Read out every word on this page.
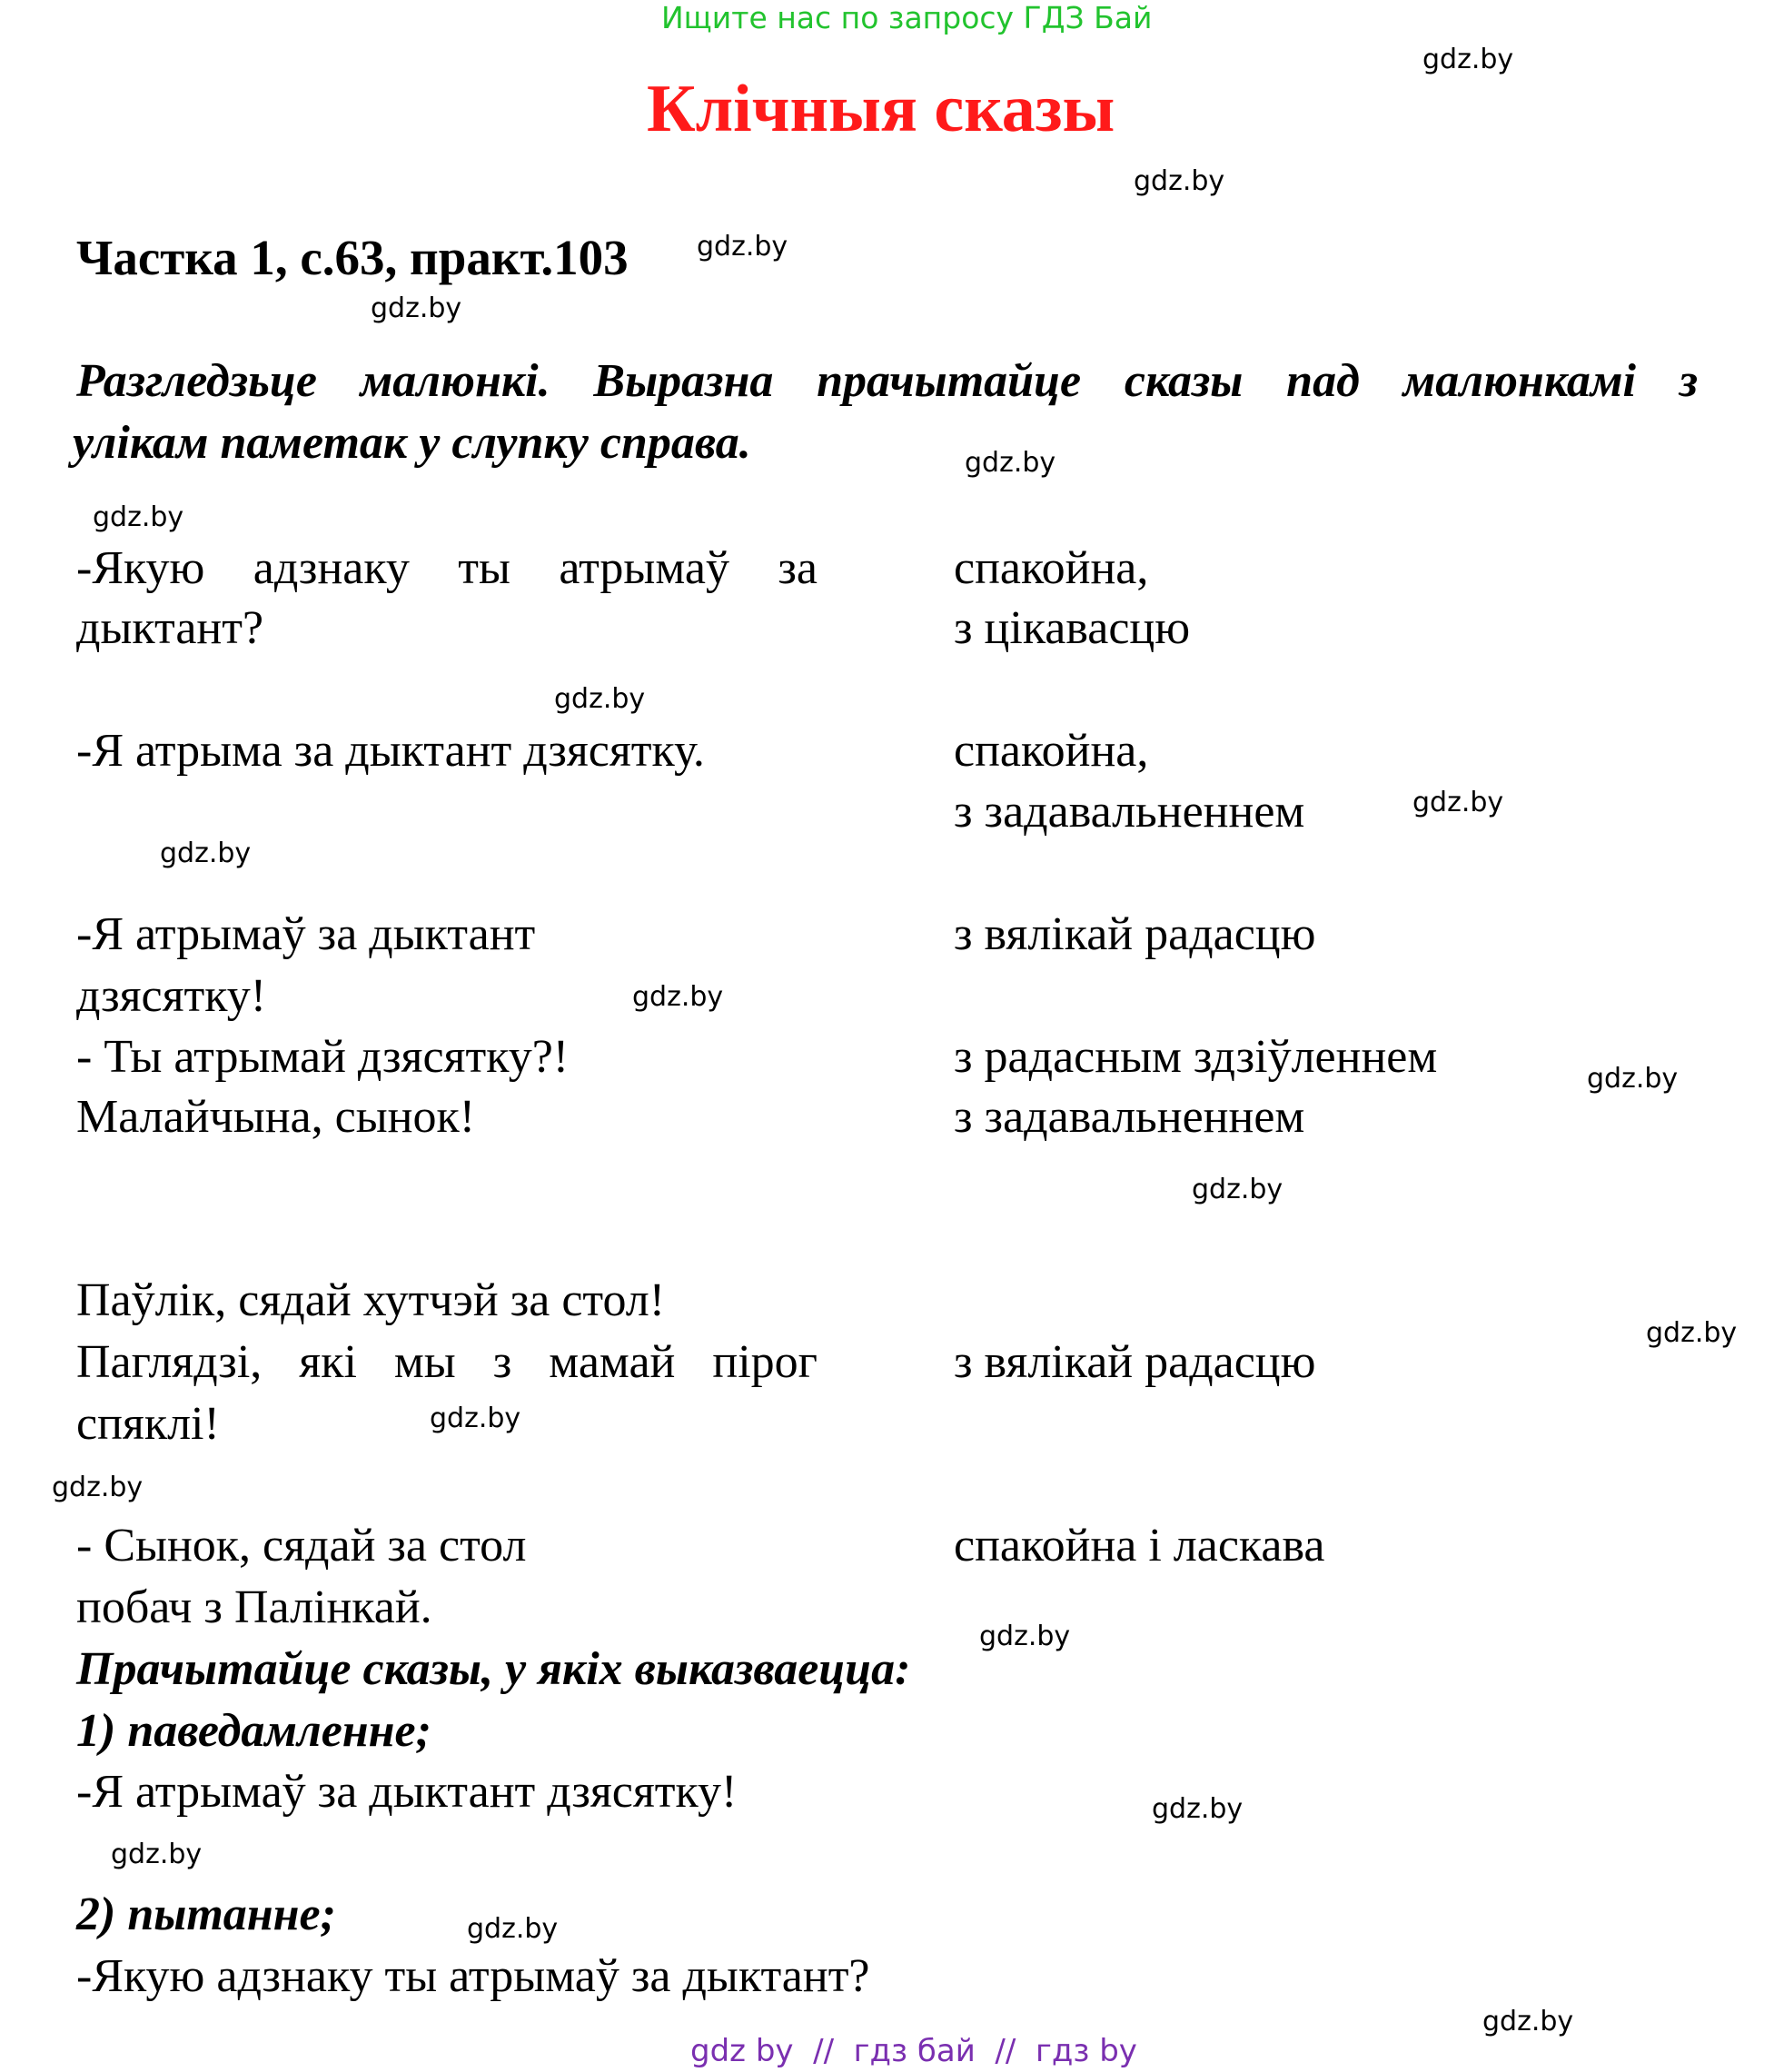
Ищите нас по запросу ГДЗ Бай
Клічныя сказы
Частка 1, с.63, практ.103
Разгледзьце малюнкі. Выразна прачытайце сказы пад малюнкамі з
улікам паметак у слупку справа.
-Якую адзнаку ты атрымаў за
дыктант?
спакойна,
з цікавасцю
-Я атрыма за дыктант дзясятку.	спакойна,
з задавальненнем
-Я атрымаў за дыктант
дзясятку!
з вялікай радасцю
- Ты атрымай дзясятку?!
Малайчына, сынок!
з радасным здзіўленнем
з задавальненнем
Паўлік, сядай хутчэй за стол!
Паглядзі, які мы з мамай пірог
спяклі!
з вялікай радасцю
- Сынок, сядай за стол
побач з Палінкай.
спакойна і ласкава
Прачытайце сказы, у якіх выказваецца:
1) паведамленне;
-Я атрымаў за дыктант дзясятку!
2) пытанне;
-Якую адзнаку ты атрымаў за дыктант?
gdz.by
gdz.by
gdz.by
gdz.by
gdz.by
gdz.by
gdz.by
gdz.by
gdz.by
gdz.by
gdz.by
gdz.by
gdz.by
gdz.by
gdz.by
gdz.by
gdz.by
gdz.by
gdz.by
gdz.by
gdz by  //  гдз бай  //  гдз by
